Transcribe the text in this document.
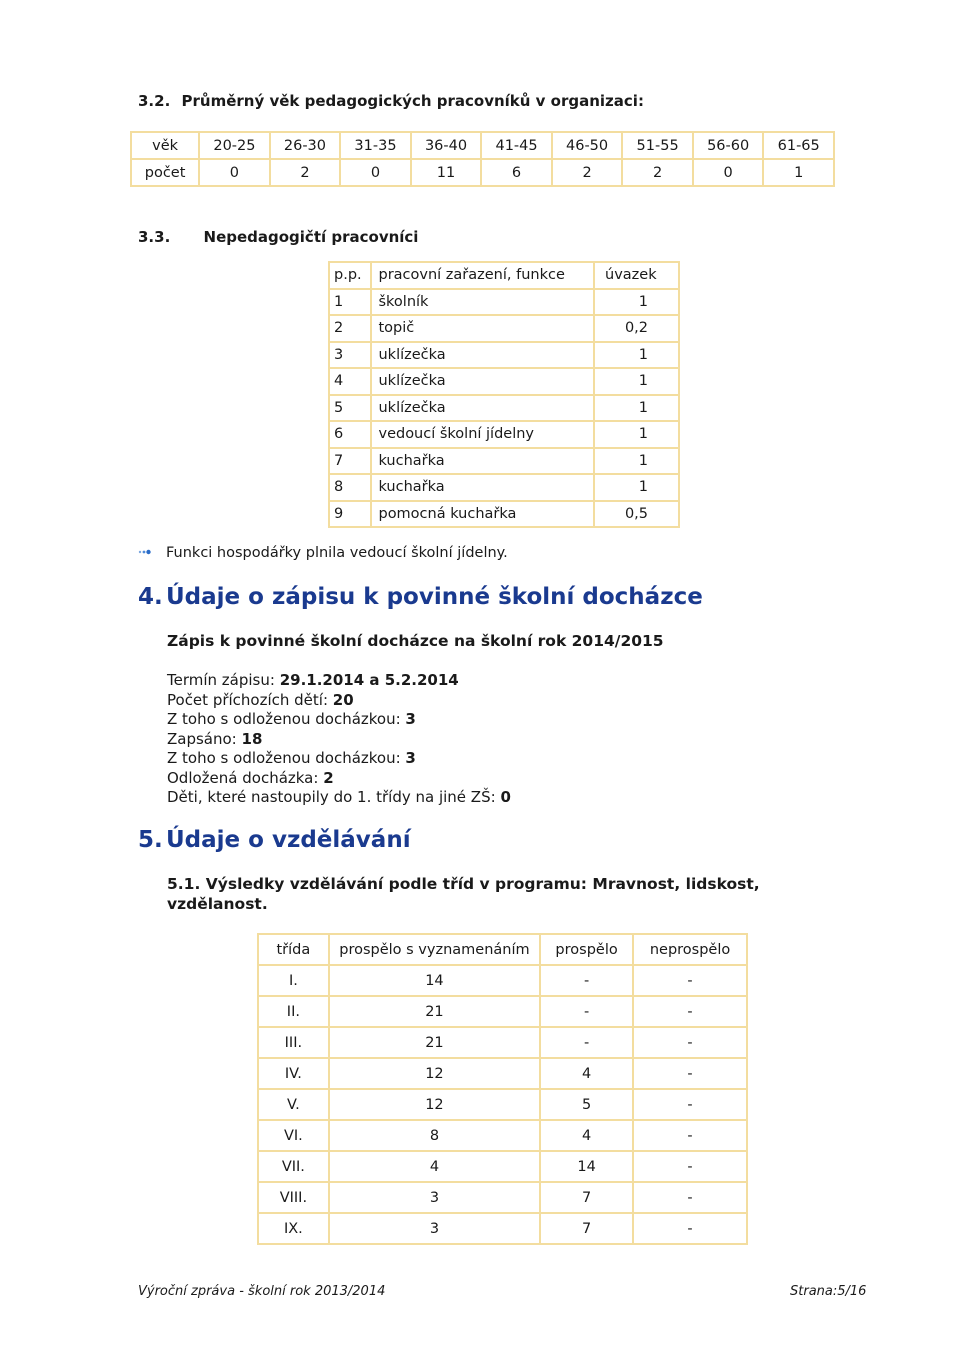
3.2. Průměrný věk pedagogických pracovníků v organizaci:
věk	20-25	26-30	31-35	36-40	41-45	46-50	51-55	56-60	61-65
počet	0	2	0	11	6	2	2	0	1
3.3. Nepedagogičtí pracovníci
p.p.	pracovní zařazení, funkce	úvazek
1	školník	1
2	topič	0,2
3	uklízečka	1
4	uklízečka	1
5	uklízečka	1
6	vedoucí školní jídelny	1
7	kuchařka	1
8	kuchařka	1
9	pomocná kuchařka	0,5
Funkci hospodářky plnila vedoucí školní jídelny.
4. Údaje o zápisu k povinné školní docházce
Zápis k povinné školní docházce na školní rok 2014/2015
Termín zápisu: 29.1.2014 a 5.2.2014
Počet příchozích dětí: 20
Z toho s odloženou docházkou: 3
Zapsáno: 18
Z toho s odloženou docházkou: 3
Odložená docházka: 2
Děti, které nastoupily do 1. třídy na jiné ZŠ: 0
5. Údaje o vzdělávání
5.1. Výsledky vzdělávání podle tříd v programu: Mravnost, lidskost,
vzdělanost.
třída	prospělo s vyznamenáním	prospělo	neprospělo
I.	14	-	-
II.	21	-	-
III.	21	-	-
IV.	12	4	-
V.	12	5	-
VI.	8	4	-
VII.	4	14	-
VIII.	3	7	-
IX.	3	7	-
Výroční zpráva - školní rok 2013/2014	Strana:5/16
